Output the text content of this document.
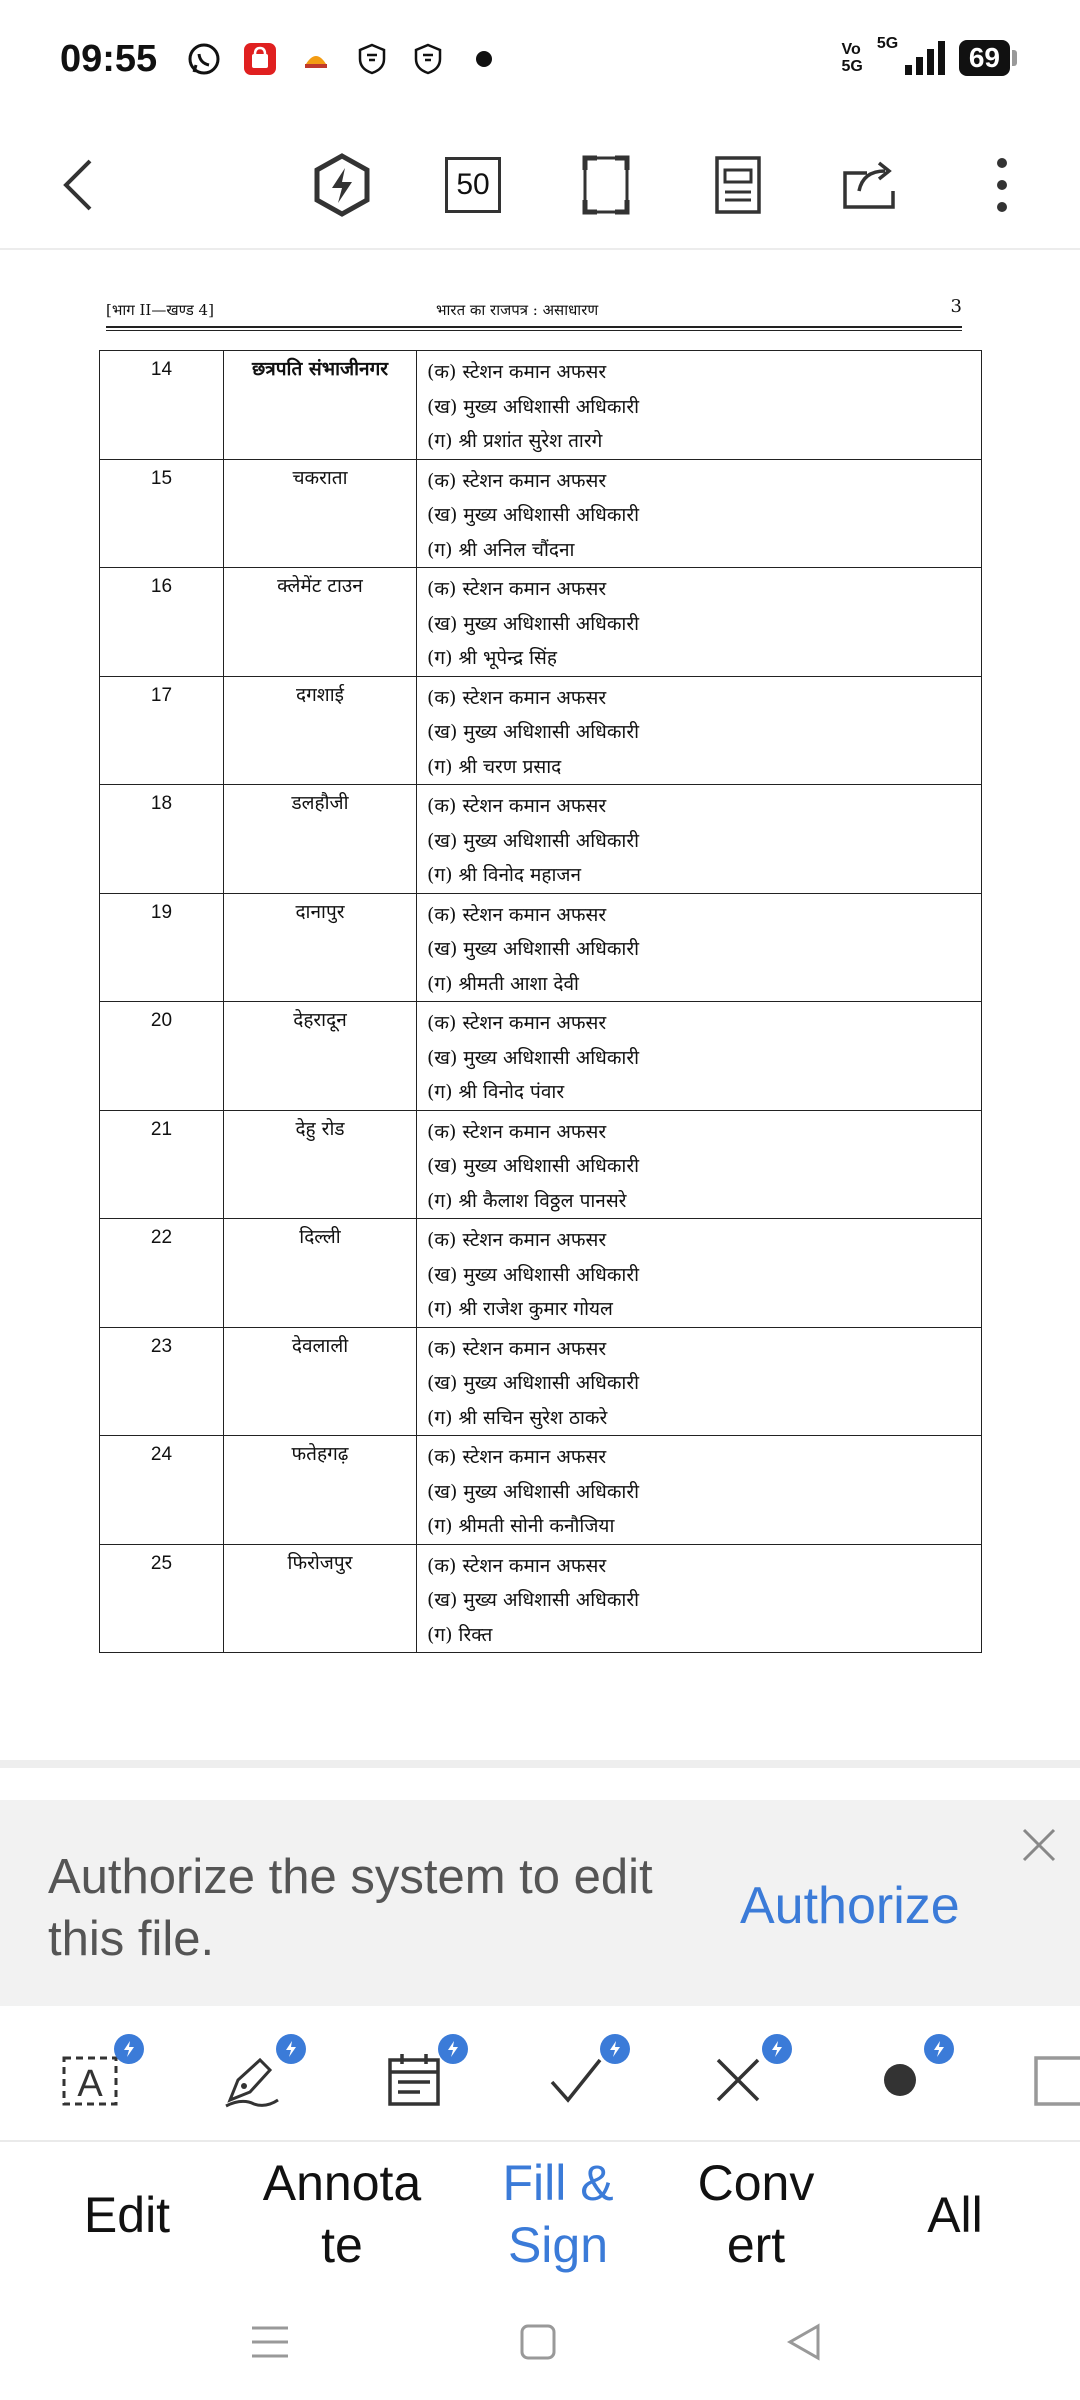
09:55	Vo
5G
5G	69
50
[भाग II—खण्ड 4]	भारत का राजपत्र : असाधारण	3
14	छत्रपति संभाजीनगर	(क) स्टेशन कमान अफसर
(ख) मुख्य अधिशासी अधिकारी
(ग) श्री प्रशांत सुरेश तारगे

15	चकराता	(क) स्टेशन कमान अफसर
(ख) मुख्य अधिशासी अधिकारी
(ग) श्री अनिल चौंदना

16	क्लेमेंट टाउन	(क) स्टेशन कमान अफसर
(ख) मुख्य अधिशासी अधिकारी
(ग) श्री भूपेन्द्र सिंह

17	दगशाई	(क) स्टेशन कमान अफसर
(ख) मुख्य अधिशासी अधिकारी
(ग) श्री चरण प्रसाद

18	डलहौजी	(क) स्टेशन कमान अफसर
(ख) मुख्य अधिशासी अधिकारी
(ग) श्री विनोद महाजन

19	दानापुर	(क) स्टेशन कमान अफसर
(ख) मुख्य अधिशासी अधिकारी
(ग) श्रीमती आशा देवी

20	देहरादून	(क) स्टेशन कमान अफसर
(ख) मुख्य अधिशासी अधिकारी
(ग) श्री विनोद पंवार

21	देहु रोड	(क) स्टेशन कमान अफसर
(ख) मुख्य अधिशासी अधिकारी
(ग) श्री कैलाश विठ्ठल पानसरे

22	दिल्ली	(क) स्टेशन कमान अफसर
(ख) मुख्य अधिशासी अधिकारी
(ग) श्री राजेश कुमार गोयल

23	देवलाली	(क) स्टेशन कमान अफसर
(ख) मुख्य अधिशासी अधिकारी
(ग) श्री सचिन सुरेश ठाकरे

24	फतेहगढ़	(क) स्टेशन कमान अफसर
(ख) मुख्य अधिशासी अधिकारी
(ग) श्रीमती सोनी कनौजिया

25	फिरोजपुर	(क) स्टेशन कमान अफसर
(ख) मुख्य अधिशासी अधिकारी
(ग) रिक्त
Authorize the system to edit this file.
Authorize
A
Edit
Annota
te
Fill &
Sign
Conv
ert
All
